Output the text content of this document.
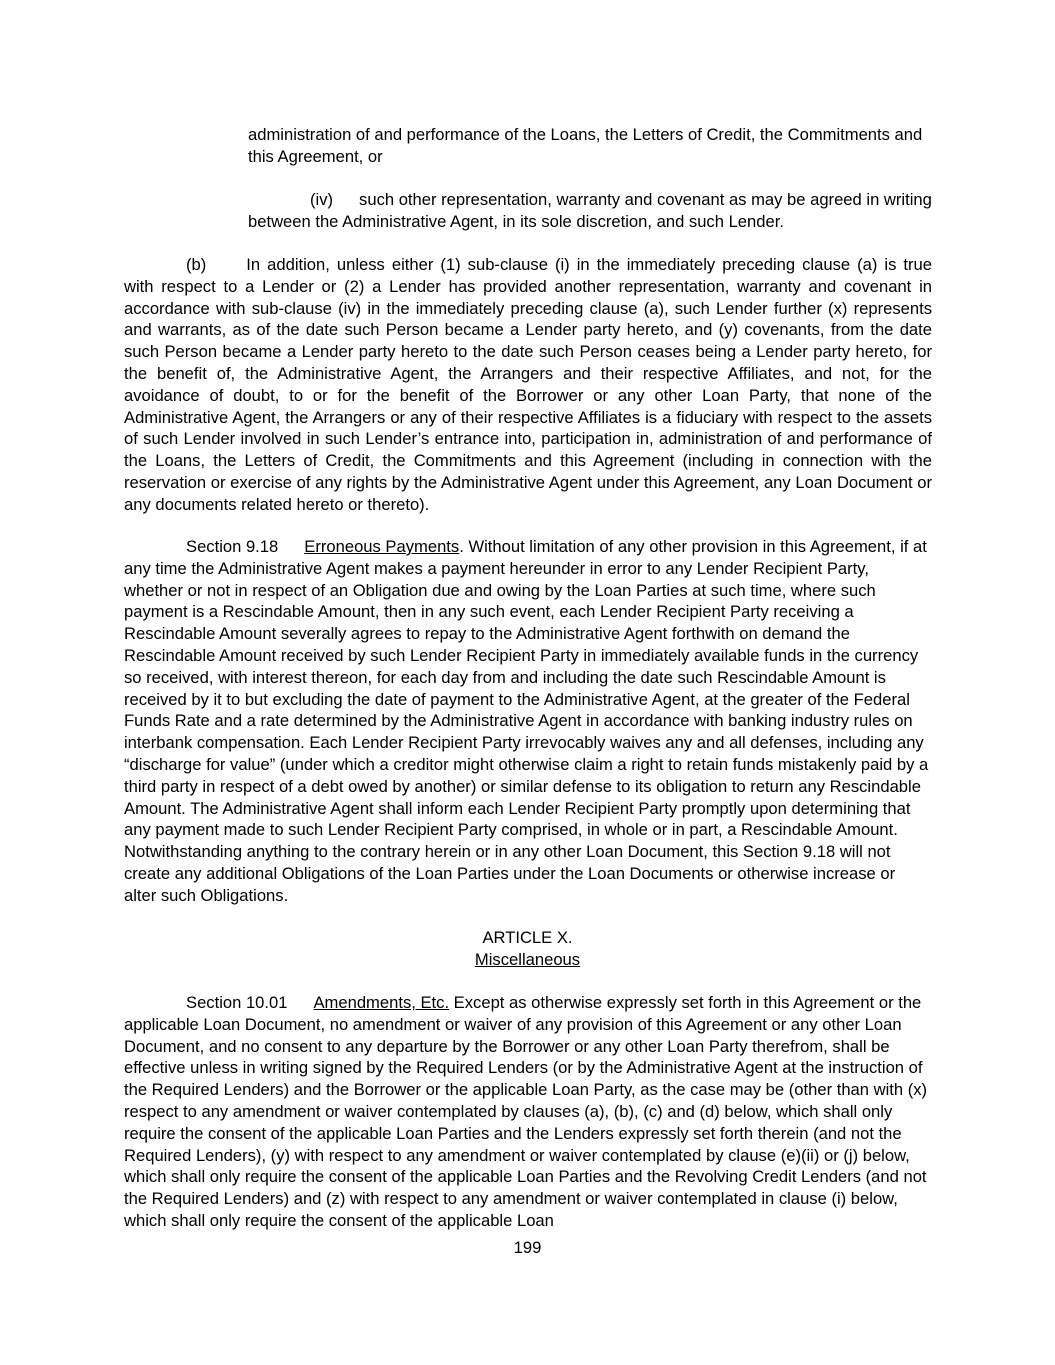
administration of and performance of the Loans, the Letters of Credit, the Commitments and this Agreement, or

(iv) such other representation, warranty and covenant as may be agreed in writing between the Administrative Agent, in its sole discretion, and such Lender.

(b) In addition, unless either (1) sub-clause (i) in the immediately preceding clause (a) is true with respect to a Lender or (2) a Lender has provided another representation, warranty and covenant in accordance with sub-clause (iv) in the immediately preceding clause (a), such Lender further (x) represents and warrants, as of the date such Person became a Lender party hereto, and (y) covenants, from the date such Person became a Lender party hereto to the date such Person ceases being a Lender party hereto, for the benefit of, the Administrative Agent, the Arrangers and their respective Affiliates, and not, for the avoidance of doubt, to or for the benefit of the Borrower or any other Loan Party, that none of the Administrative Agent, the Arrangers or any of their respective Affiliates is a fiduciary with respect to the assets of such Lender involved in such Lender’s entrance into, participation in, administration of and performance of the Loans, the Letters of Credit, the Commitments and this Agreement (including in connection with the reservation or exercise of any rights by the Administrative Agent under this Agreement, any Loan Document or any documents related hereto or thereto).

Section 9.18 Erroneous Payments. Without limitation of any other provision in this Agreement, if at any time the Administrative Agent makes a payment hereunder in error to any Lender Recipient Party, whether or not in respect of an Obligation due and owing by the Loan Parties at such time, where such payment is a Rescindable Amount, then in any such event, each Lender Recipient Party receiving a Rescindable Amount severally agrees to repay to the Administrative Agent forthwith on demand the Rescindable Amount received by such Lender Recipient Party in immediately available funds in the currency so received, with interest thereon, for each day from and including the date such Rescindable Amount is received by it to but excluding the date of payment to the Administrative Agent, at the greater of the Federal Funds Rate and a rate determined by the Administrative Agent in accordance with banking industry rules on interbank compensation. Each Lender Recipient Party irrevocably waives any and all defenses, including any “discharge for value” (under which a creditor might otherwise claim a right to retain funds mistakenly paid by a third party in respect of a debt owed by another) or similar defense to its obligation to return any Rescindable Amount. The Administrative Agent shall inform each Lender Recipient Party promptly upon determining that any payment made to such Lender Recipient Party comprised, in whole or in part, a Rescindable Amount. Notwithstanding anything to the contrary herein or in any other Loan Document, this Section 9.18 will not create any additional Obligations of the Loan Parties under the Loan Documents or otherwise increase or alter such Obligations.

ARTICLE X.

Miscellaneous

Section 10.01 Amendments, Etc. Except as otherwise expressly set forth in this Agreement or the applicable Loan Document, no amendment or waiver of any provision of this Agreement or any other Loan Document, and no consent to any departure by the Borrower or any other Loan Party therefrom, shall be effective unless in writing signed by the Required Lenders (or by the Administrative Agent at the instruction of the Required Lenders) and the Borrower or the applicable Loan Party, as the case may be (other than with (x) respect to any amendment or waiver contemplated by clauses (a), (b), (c) and (d) below, which shall only require the consent of the applicable Loan Parties and the Lenders expressly set forth therein (and not the Required Lenders), (y) with respect to any amendment or waiver contemplated by clause (e)(ii) or (j) below, which shall only require the consent of the applicable Loan Parties and the Revolving Credit Lenders (and not the Required Lenders) and (z) with respect to any amendment or waiver contemplated in clause (i) below, which shall only require the consent of the applicable Loan

199
